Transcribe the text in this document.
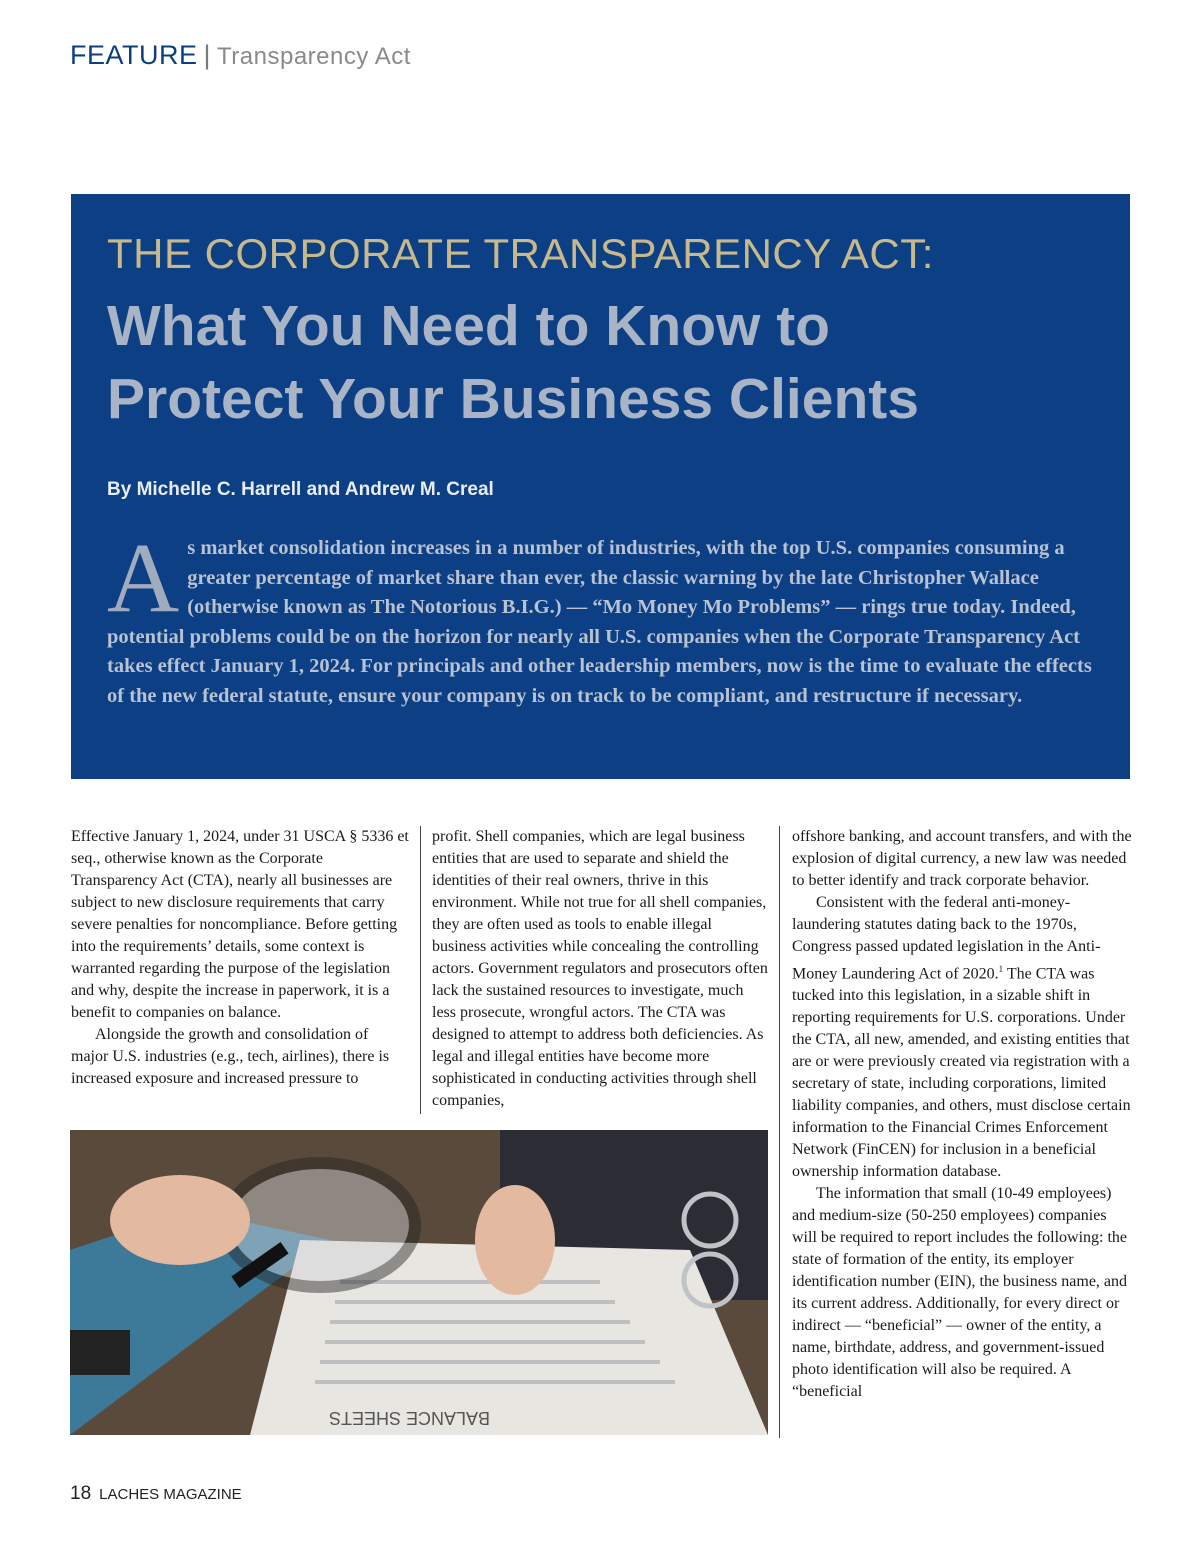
FEATURE | Transparency Act
THE CORPORATE TRANSPARENCY ACT:
What You Need to Know to
Protect Your Business Clients
By Michelle C. Harrell and Andrew M. Creal
As market consolidation increases in a number of industries, with the top U.S. companies consuming a greater percentage of market share than ever, the classic warning by the late Christopher Wallace (otherwise known as The Notorious B.I.G.) — “Mo Money Mo Problems” — rings true today. Indeed, potential problems could be on the horizon for nearly all U.S. companies when the Corporate Transparency Act takes effect January 1, 2024. For principals and other leadership members, now is the time to evaluate the effects of the new federal statute, ensure your company is on track to be compliant, and restructure if necessary.

Effective January 1, 2024, under 31 USCA § 5336 et seq., otherwise known as the Corporate Transparency Act (CTA), nearly all businesses are subject to new disclosure requirements that carry severe penalties for noncompliance. Before getting into the requirements’ details, some context is warranted regarding the purpose of the legislation and why, despite the increase in paperwork, it is a benefit to companies on balance.

Alongside the growth and consolidation of major U.S. industries (e.g., tech, airlines), there is increased exposure and increased pressure to

profit. Shell companies, which are legal business entities that are used to separate and shield the identities of their real owners, thrive in this environment. While not true for all shell companies, they are often used as tools to enable illegal business activities while concealing the controlling actors. Government regulators and prosecutors often lack the sustained resources to investigate, much less prosecute, wrongful actors. The CTA was designed to attempt to address both deficiencies. As legal and illegal entities have become more sophisticated in conducting activities through shell companies,

offshore banking, and account transfers, and with the explosion of digital currency, a new law was needed to better identify and track corporate behavior.

Consistent with the federal anti-money-laundering statutes dating back to the 1970s, Congress passed updated legislation in the Anti-Money Laundering Act of 2020.$^1$ The CTA was tucked into this legislation, in a sizable shift in reporting requirements for U.S. corporations. Under the CTA, all new, amended, and existing entities that are or were previously created via registration with a secretary of state, including corporations, limited liability companies, and others, must disclose certain information to the Financial Crimes Enforcement Network (FinCEN) for inclusion in a beneficial ownership information database.

The information that small (10-49 employees) and medium-size (50-250 employees) companies will be required to report includes the following: the state of formation of the entity, its employer identification number (EIN), the business name, and its current address. Additionally, for every direct or indirect — “beneficial” — owner of the entity, a name, birthdate, address, and government-issued photo identification will also be required. A “beneficial

BALANCE SHEETS
18 LACHES MAGAZINE
